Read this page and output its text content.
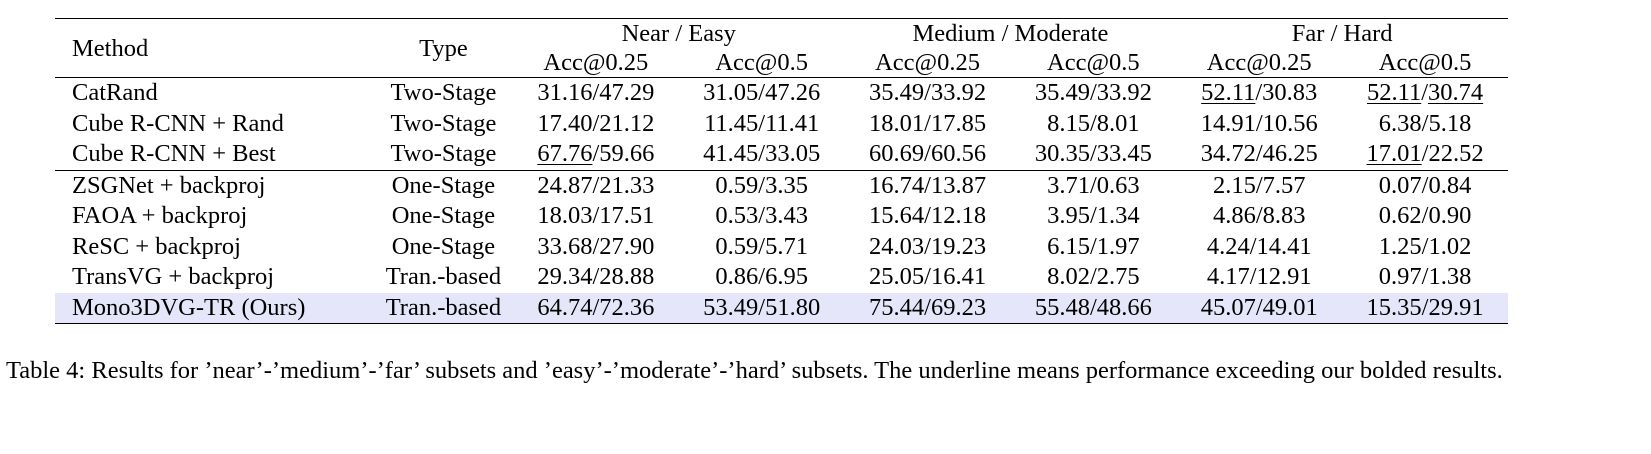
Method	Type	Near / Easy		Medium / Moderate		Far / Hard	
		Acc@0.25	Acc@0.5	Acc@0.25	Acc@0.5	Acc@0.25	Acc@0.5
CatRand	Two-Stage	31.16/47.29	31.05/47.26	35.49/33.92	35.49/33.92	52.11/30.83	52.11/30.74
Cube R-CNN + Rand	Two-Stage	17.40/21.12	11.45/11.41	18.01/17.85	8.15/8.01	14.91/10.56	6.38/5.18
Cube R-CNN + Best	Two-Stage	67.76/59.66	41.45/33.05	60.69/60.56	30.35/33.45	34.72/46.25	17.01/22.52
ZSGNet + backproj	One-Stage	24.87/21.33	0.59/3.35	16.74/13.87	3.71/0.63	2.15/7.57	0.07/0.84
FAOA + backproj	One-Stage	18.03/17.51	0.53/3.43	15.64/12.18	3.95/1.34	4.86/8.83	0.62/0.90
ReSC + backproj	One-Stage	33.68/27.90	0.59/5.71	24.03/19.23	6.15/1.97	4.24/14.41	1.25/1.02
TransVG + backproj	Tran.-based	29.34/28.88	0.86/6.95	25.05/16.41	8.02/2.75	4.17/12.91	0.97/1.38
Mono3DVG-TR (Ours)	Tran.-based	64.74/72.36	53.49/51.80	75.44/69.23	55.48/48.66	45.07/49.01	15.35/29.91
Table 4: Results for ’near’-’medium’-’far’ subsets and ’easy’-’moderate’-’hard’ subsets. The underline means performance exceeding our bolded results.
